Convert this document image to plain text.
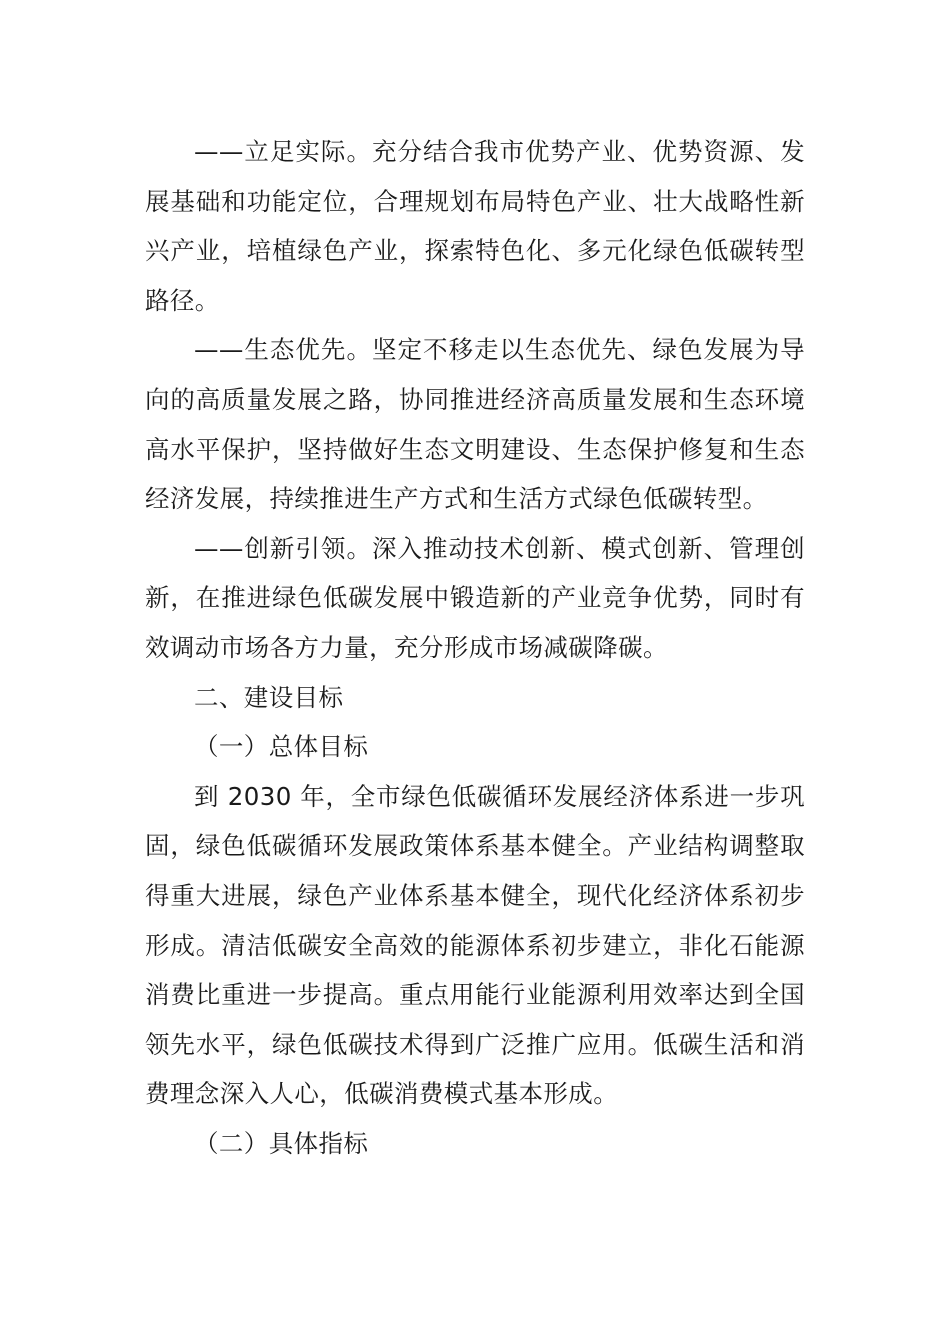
——立足实际。充分结合我市优势产业、优势资源、发展基础和功能定位，合理规划布局特色产业、壮大战略性新兴产业，培植绿色产业，探索特色化、多元化绿色低碳转型路径。

——生态优先。坚定不移走以生态优先、绿色发展为导向的高质量发展之路，协同推进经济高质量发展和生态环境高水平保护，坚持做好生态文明建设、生态保护修复和生态经济发展，持续推进生产方式和生活方式绿色低碳转型。

——创新引领。深入推动技术创新、模式创新、管理创新，在推进绿色低碳发展中锻造新的产业竞争优势，同时有效调动市场各方力量，充分形成市场减碳降碳。

二、建设目标

（一）总体目标

到 2030 年，全市绿色低碳循环发展经济体系进一步巩固，绿色低碳循环发展政策体系基本健全。产业结构调整取得重大进展，绿色产业体系基本健全，现代化经济体系初步形成。清洁低碳安全高效的能源体系初步建立，非化石能源消费比重进一步提高。重点用能行业能源利用效率达到全国领先水平，绿色低碳技术得到广泛推广应用。低碳生活和消费理念深入人心，低碳消费模式基本形成。

（二）具体指标
